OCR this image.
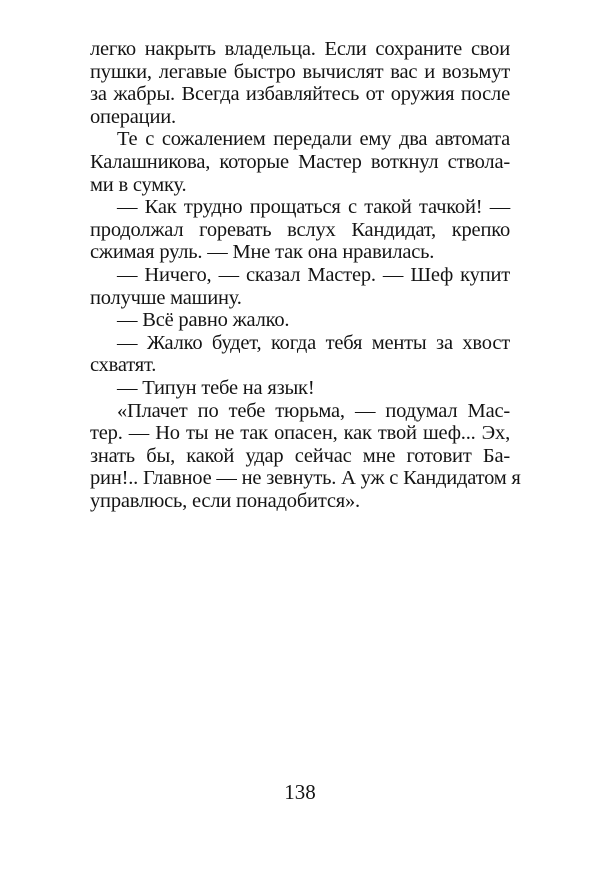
легко накрыть владельца. Если сохраните свои
пушки, легавые быстро вычислят вас и возьмут
за жабры. Всегда избавляйтесь от оружия после
операции.
Те с сожалением передали ему два автомата
Калашникова, которые Мастер воткнул ствола-
ми в сумку.
— Как трудно прощаться с такой тачкой! —
продолжал горевать вслух Кандидат, крепко
сжимая руль. — Мне так она нравилась.
— Ничего, — сказал Мастер. — Шеф купит
получше машину.
— Всё равно жалко.
— Жалко будет, когда тебя менты за хвост
схватят.
— Типун тебе на язык!
«Плачет по тебе тюрьма, — подумал Мас-
тер. — Но ты не так опасен, как твой шеф... Эх,
знать бы, какой удар сейчас мне готовит Ба-
рин!.. Главное — не зевнуть. А уж с Кандидатом я
управлюсь, если понадобится».
138
